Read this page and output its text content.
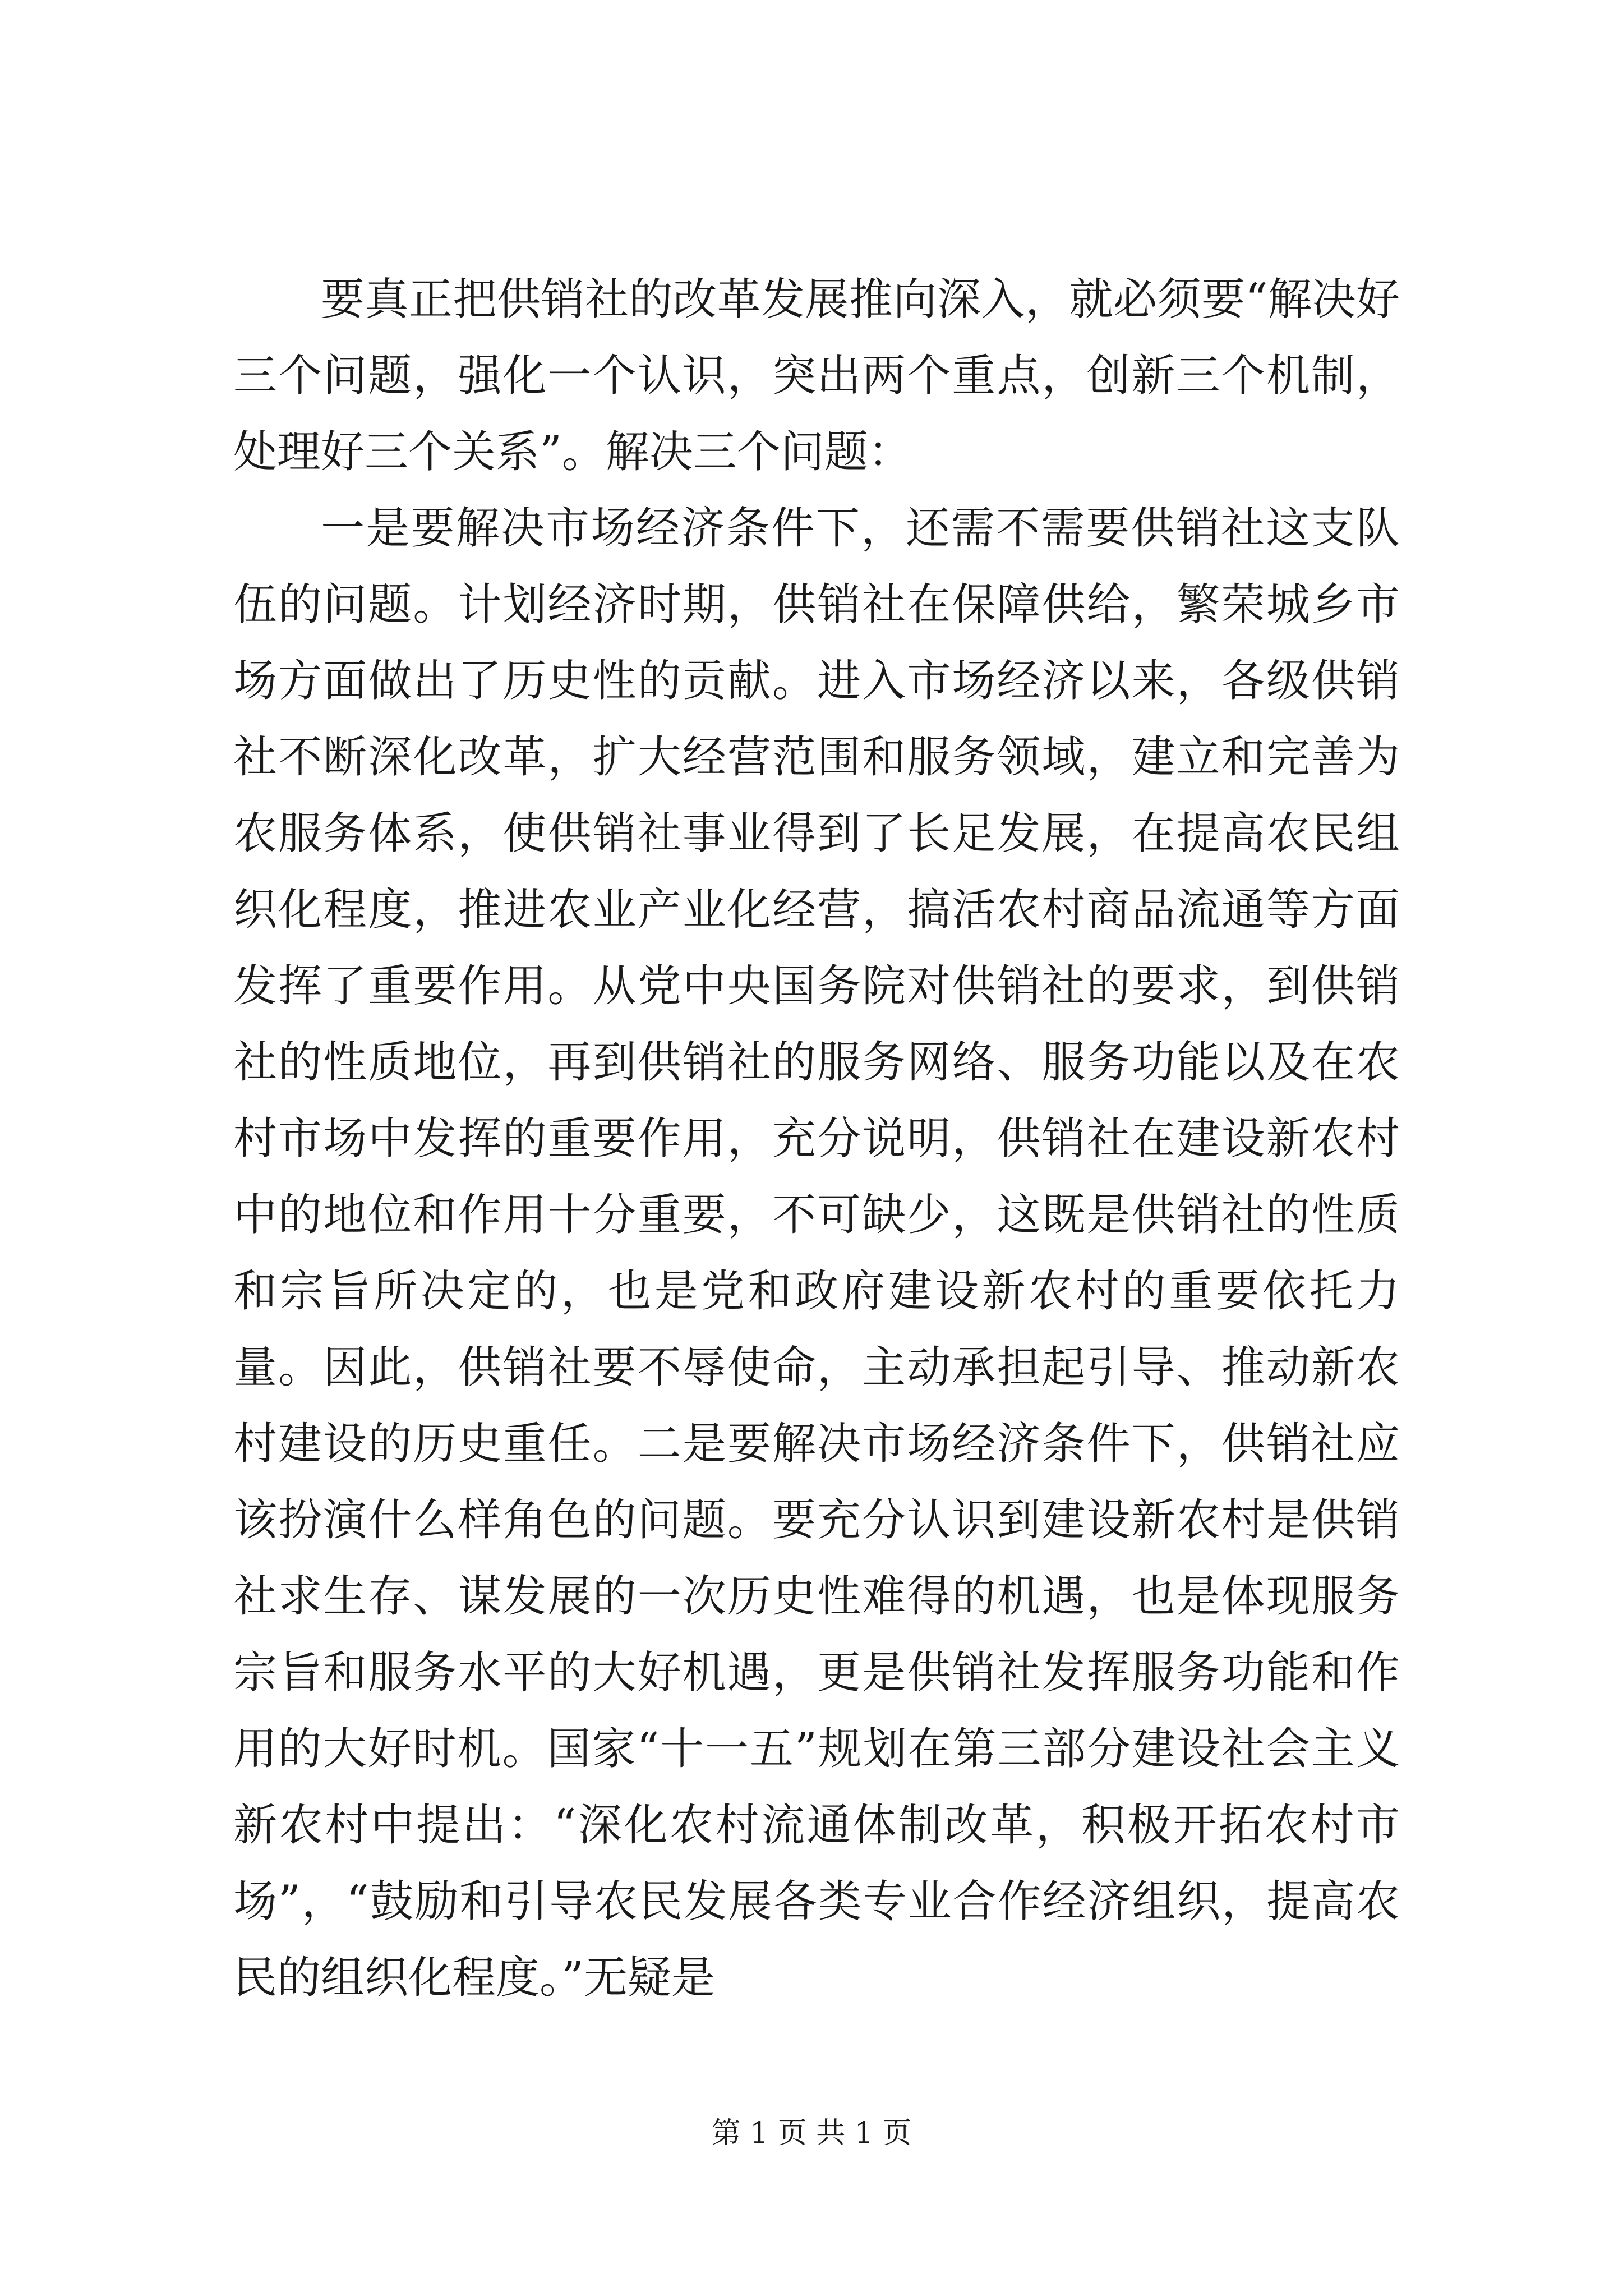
要真正把供销社的改革发展推向深入，就必须要“解决好三个问题，强化一个认识，突出两个重点，创新三个机制，处理好三个关系”。解决三个问题：

一是要解决市场经济条件下，还需不需要供销社这支队伍的问题。计划经济时期，供销社在保障供给，繁荣城乡市场方面做出了历史性的贡献。进入市场经济以来，各级供销社不断深化改革，扩大经营范围和服务领域，建立和完善为农服务体系，使供销社事业得到了长足发展，在提高农民组织化程度，推进农业产业化经营，搞活农村商品流通等方面发挥了重要作用。从党中央国务院对供销社的要求，到供销社的性质地位，再到供销社的服务网络、服务功能以及在农村市场中发挥的重要作用，充分说明，供销社在建设新农村中的地位和作用十分重要，不可缺少，这既是供销社的性质和宗旨所决定的，也是党和政府建设新农村的重要依托力量。因此，供销社要不辱使命，主动承担起引导、推动新农村建设的历史重任。二是要解决市场经济条件下，供销社应该扮演什么样角色的问题。要充分认识到建设新农村是供销社求生存、谋发展的一次历史性难得的机遇，也是体现服务宗旨和服务水平的大好机遇，更是供销社发挥服务功能和作用的大好时机。国家“十一五”规划在第三部分建设社会主义新农村中提出：“深化农村流通体制改革，积极开拓农村市场”，“鼓励和引导农民发展各类专业合作经济组织，提高农民的组织化程度。”无疑是

第 1 页 共 1 页
